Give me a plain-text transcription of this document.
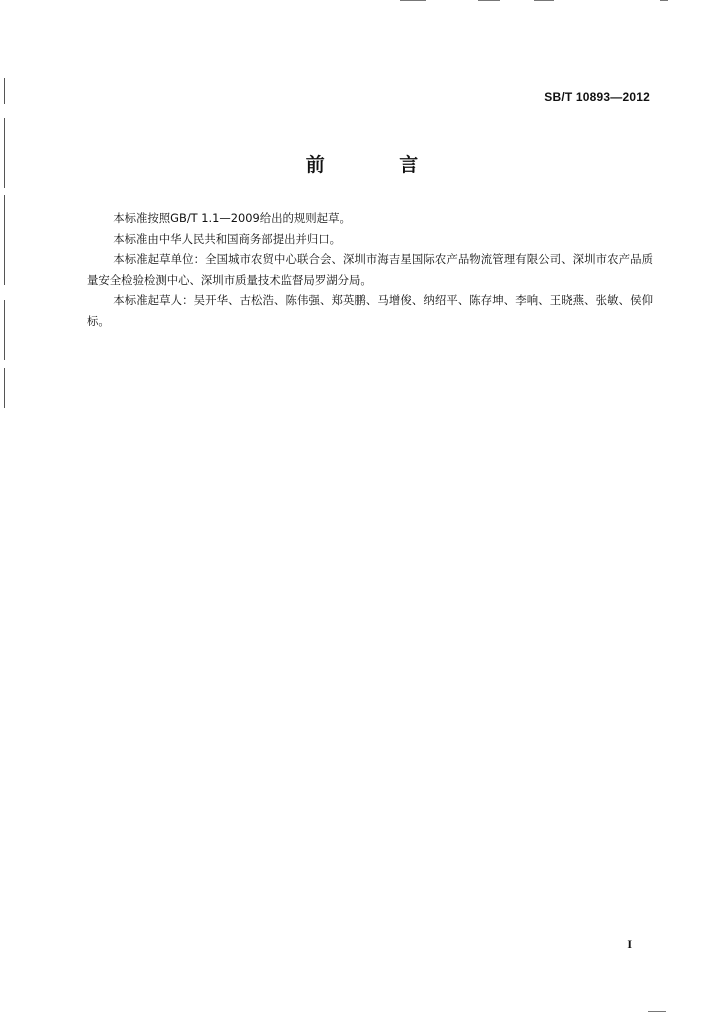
SB/T 10893—2012
前 言

本标准按照GB/T 1.1—2009给出的规则起草。

本标准由中华人民共和国商务部提出并归口。

本标准起草单位：全国城市农贸中心联合会、深圳市海吉星国际农产品物流管理有限公司、深圳市农产品质量安全检验检测中心、深圳市质量技术监督局罗湖分局。

本标准起草人：吴开华、古松浩、陈伟强、郑英鹏、马增俊、纳绍平、陈存坤、李响、王晓燕、张敏、侯仰标。

I
